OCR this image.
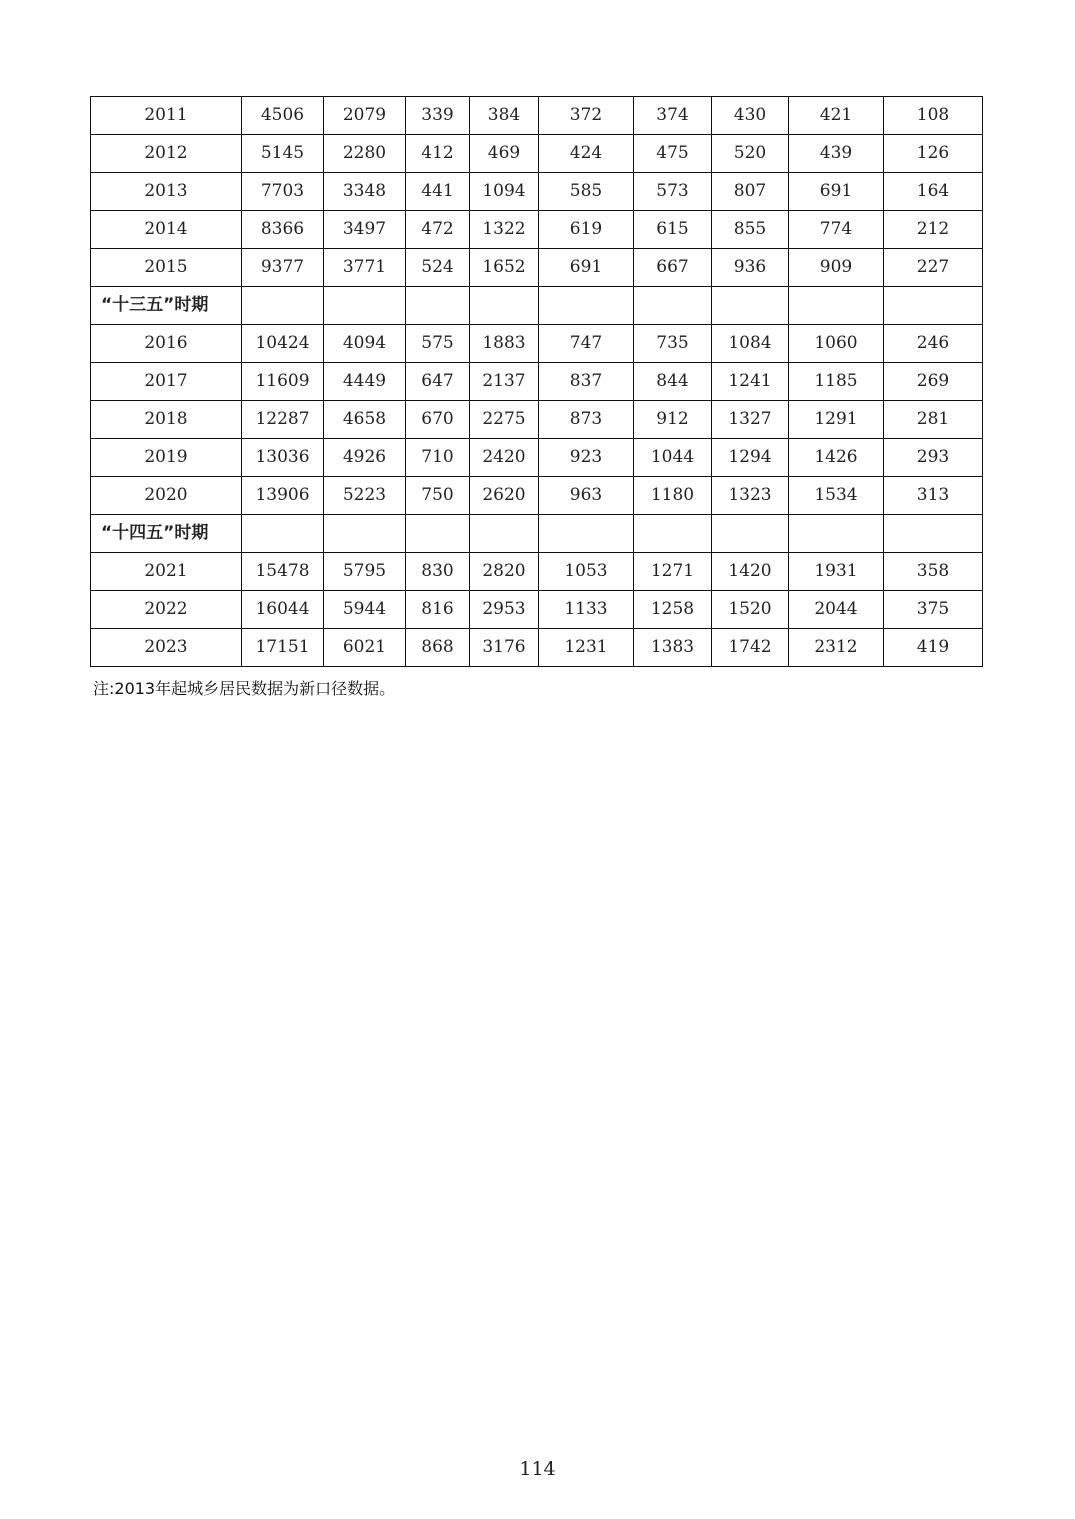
2011	4506	2079	339	384	372	374	430	421	108
2012	5145	2280	412	469	424	475	520	439	126
2013	7703	3348	441	1094	585	573	807	691	164
2014	8366	3497	472	1322	619	615	855	774	212
2015	9377	3771	524	1652	691	667	936	909	227
“十三五”时期									
2016	10424	4094	575	1883	747	735	1084	1060	246
2017	11609	4449	647	2137	837	844	1241	1185	269
2018	12287	4658	670	2275	873	912	1327	1291	281
2019	13036	4926	710	2420	923	1044	1294	1426	293
2020	13906	5223	750	2620	963	1180	1323	1534	313
“十四五”时期									
2021	15478	5795	830	2820	1053	1271	1420	1931	358
2022	16044	5944	816	2953	1133	1258	1520	2044	375
2023	17151	6021	868	3176	1231	1383	1742	2312	419
注:2013年起城乡居民数据为新口径数据。
114
